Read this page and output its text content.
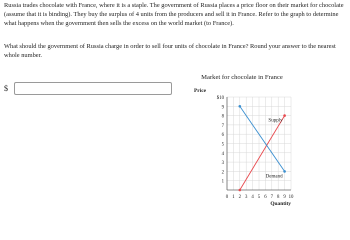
Russia trades chocolate with France, where it is a staple. The government of Russia places a price floor on their market for chocolate (assume that it is binding). They buy the surplus of 4 units from the producers and sell it in France. Refer to the graph to determine what happens when the government then sells the excess on the world market (to France).

What should the government of Russia charge in order to sell four units of chocolate in France? Round your answer to the nearest whole number.

$
Market for chocolate in France
Price
1
2
3
4
5
6
7
8
9
$10
0 1 2 3 4 5 6 7 8 9 10
Quantity
Supply
Demand
